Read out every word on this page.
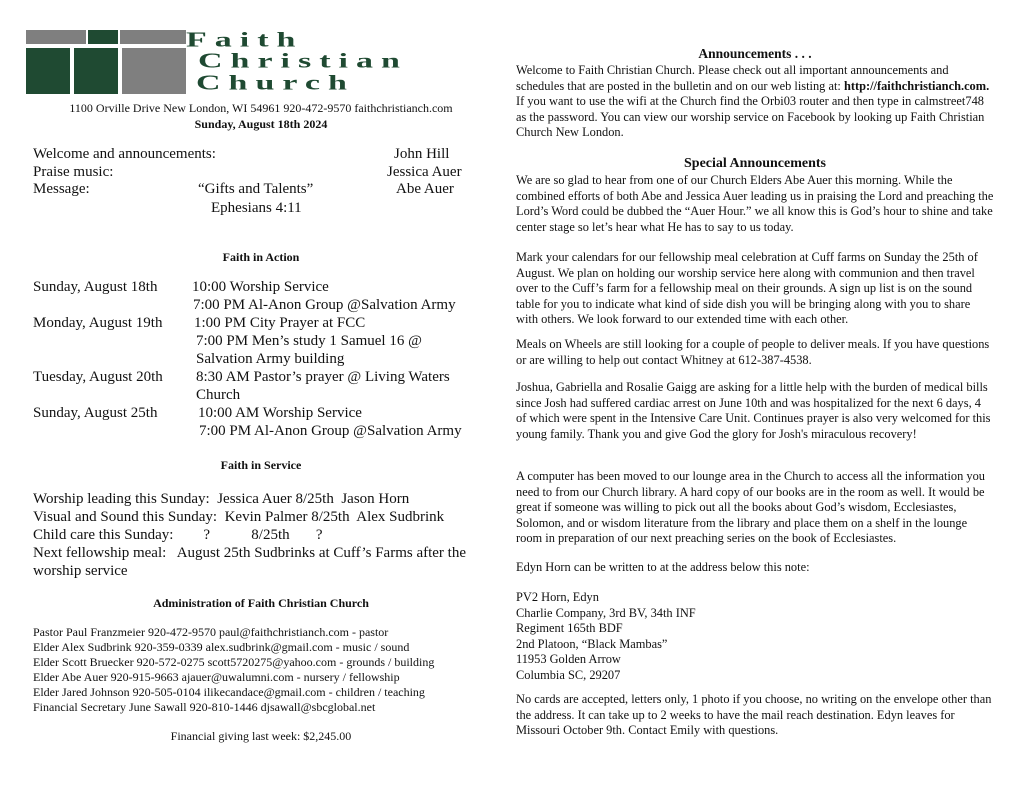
Faith
Christian
Church
1100 Orville Drive New London, WI 54961 920-472-9570 faithchristianch.com
Sunday, August 18th 2024
Welcome and announcements:	John Hill
Praise music:	Jessica Auer
Message:	“Gifts and Talents”	Abe Auer
Ephesians 4:11
Faith in Action
Sunday, August 18th 10:00 Worship Service
7:00 PM Al-Anon Group @Salvation Army
Monday, August 19th 1:00 PM City Prayer at FCC
7:00 PM Men’s study 1 Samuel 16 @
Salvation Army building
Tuesday, August 20th 8:30 AM Pastor’s prayer @ Living Waters
Church
Sunday, August 25th	10:00 AM Worship Service
7:00 PM Al-Anon Group @Salvation Army
Faith in Service
Worship leading this Sunday:  Jessica Auer 8/25th  Jason Horn
Visual and Sound this Sunday:  Kevin Palmer 8/25th  Alex Sudbrink
Child care this Sunday:        ?           8/25th       ?
Next fellowship meal:   August 25th Sudbrinks at Cuff’s Farms after the
worship service
Administration of Faith Christian Church
Pastor Paul Franzmeier 920-472-9570 paul@faithchristianch.com - pastor
Elder Alex Sudbrink 920-359-0339 alex.sudbrink@gmail.com - music / sound
Elder Scott Bruecker 920-572-0275 scott5720275@yahoo.com - grounds / building
Elder Abe Auer 920-915-9663 ajauer@uwalumni.com - nursery / fellowship
Elder Jared Johnson 920-505-0104 ilikecandace@gmail.com - children / teaching
Financial Secretary June Sawall 920-810-1446 djsawall@sbcglobal.net
Financial giving last week: $2,245.00
Announcements . . .

Welcome to Faith Christian Church. Please check out all important announcements and schedules that are posted in the bulletin and on our web listing at: http://faithchristianch.com. If you want to use the wifi at the Church find the Orbi03 router and then type in calmstreet748 as the password. You can view our worship service on Facebook by looking up Faith Christian Church New London.

Special Announcements
We are so glad to hear from one of our Church Elders Abe Auer this morning. While the combined efforts of both Abe and Jessica Auer leading us in praising the Lord and preaching the Lord’s Word could be dubbed the “Auer Hour.” we all know this is God’s hour to shine and take center stage so let’s hear what He has to say to us today.
Mark your calendars for our fellowship meal celebration at Cuff farms on Sunday the 25th of August. We plan on holding our worship service here along with communion and then travel over to the Cuff’s farm for a fellowship meal on their grounds. A sign up list is on the sound table for you to indicate what kind of side dish you will be bringing along with you to share with others. We look forward to our extended time with each other.
Meals on Wheels are still looking for a couple of people to deliver meals. If you have questions or are willing to help out contact Whitney at 612-387-4538.
Joshua, Gabriella and Rosalie Gaigg are asking for a little help with the burden of medical bills since Josh had suffered cardiac arrest on June 10th and was hospitalized for the next 6 days, 4 of which were spent in the Intensive Care Unit. Continues prayer is also very welcomed for this young family. Thank you and give God the glory for Josh's miraculous recovery!
A computer has been moved to our lounge area in the Church to access all the information you need to from our Church library. A hard copy of our books are in the room as well. It would be great if someone was willing to pick out all the books about God’s wisdom, Ecclesiastes, Solomon, and or wisdom literature from the library and place them on a shelf in the lounge room in preparation of our next preaching series on the book of Ecclesiastes.
Edyn Horn can be written to at the address below this note:
PV2 Horn, Edyn
Charlie Company, 3rd BV, 34th INF
Regiment 165th BDF
2nd Platoon, “Black Mambas”
11953 Golden Arrow
Columbia SC, 29207
No cards are accepted, letters only, 1 photo if you choose, no writing on the envelope other than the address. It can take up to 2 weeks to have the mail reach destination. Edyn leaves for Missouri October 9th. Contact Emily with questions.
